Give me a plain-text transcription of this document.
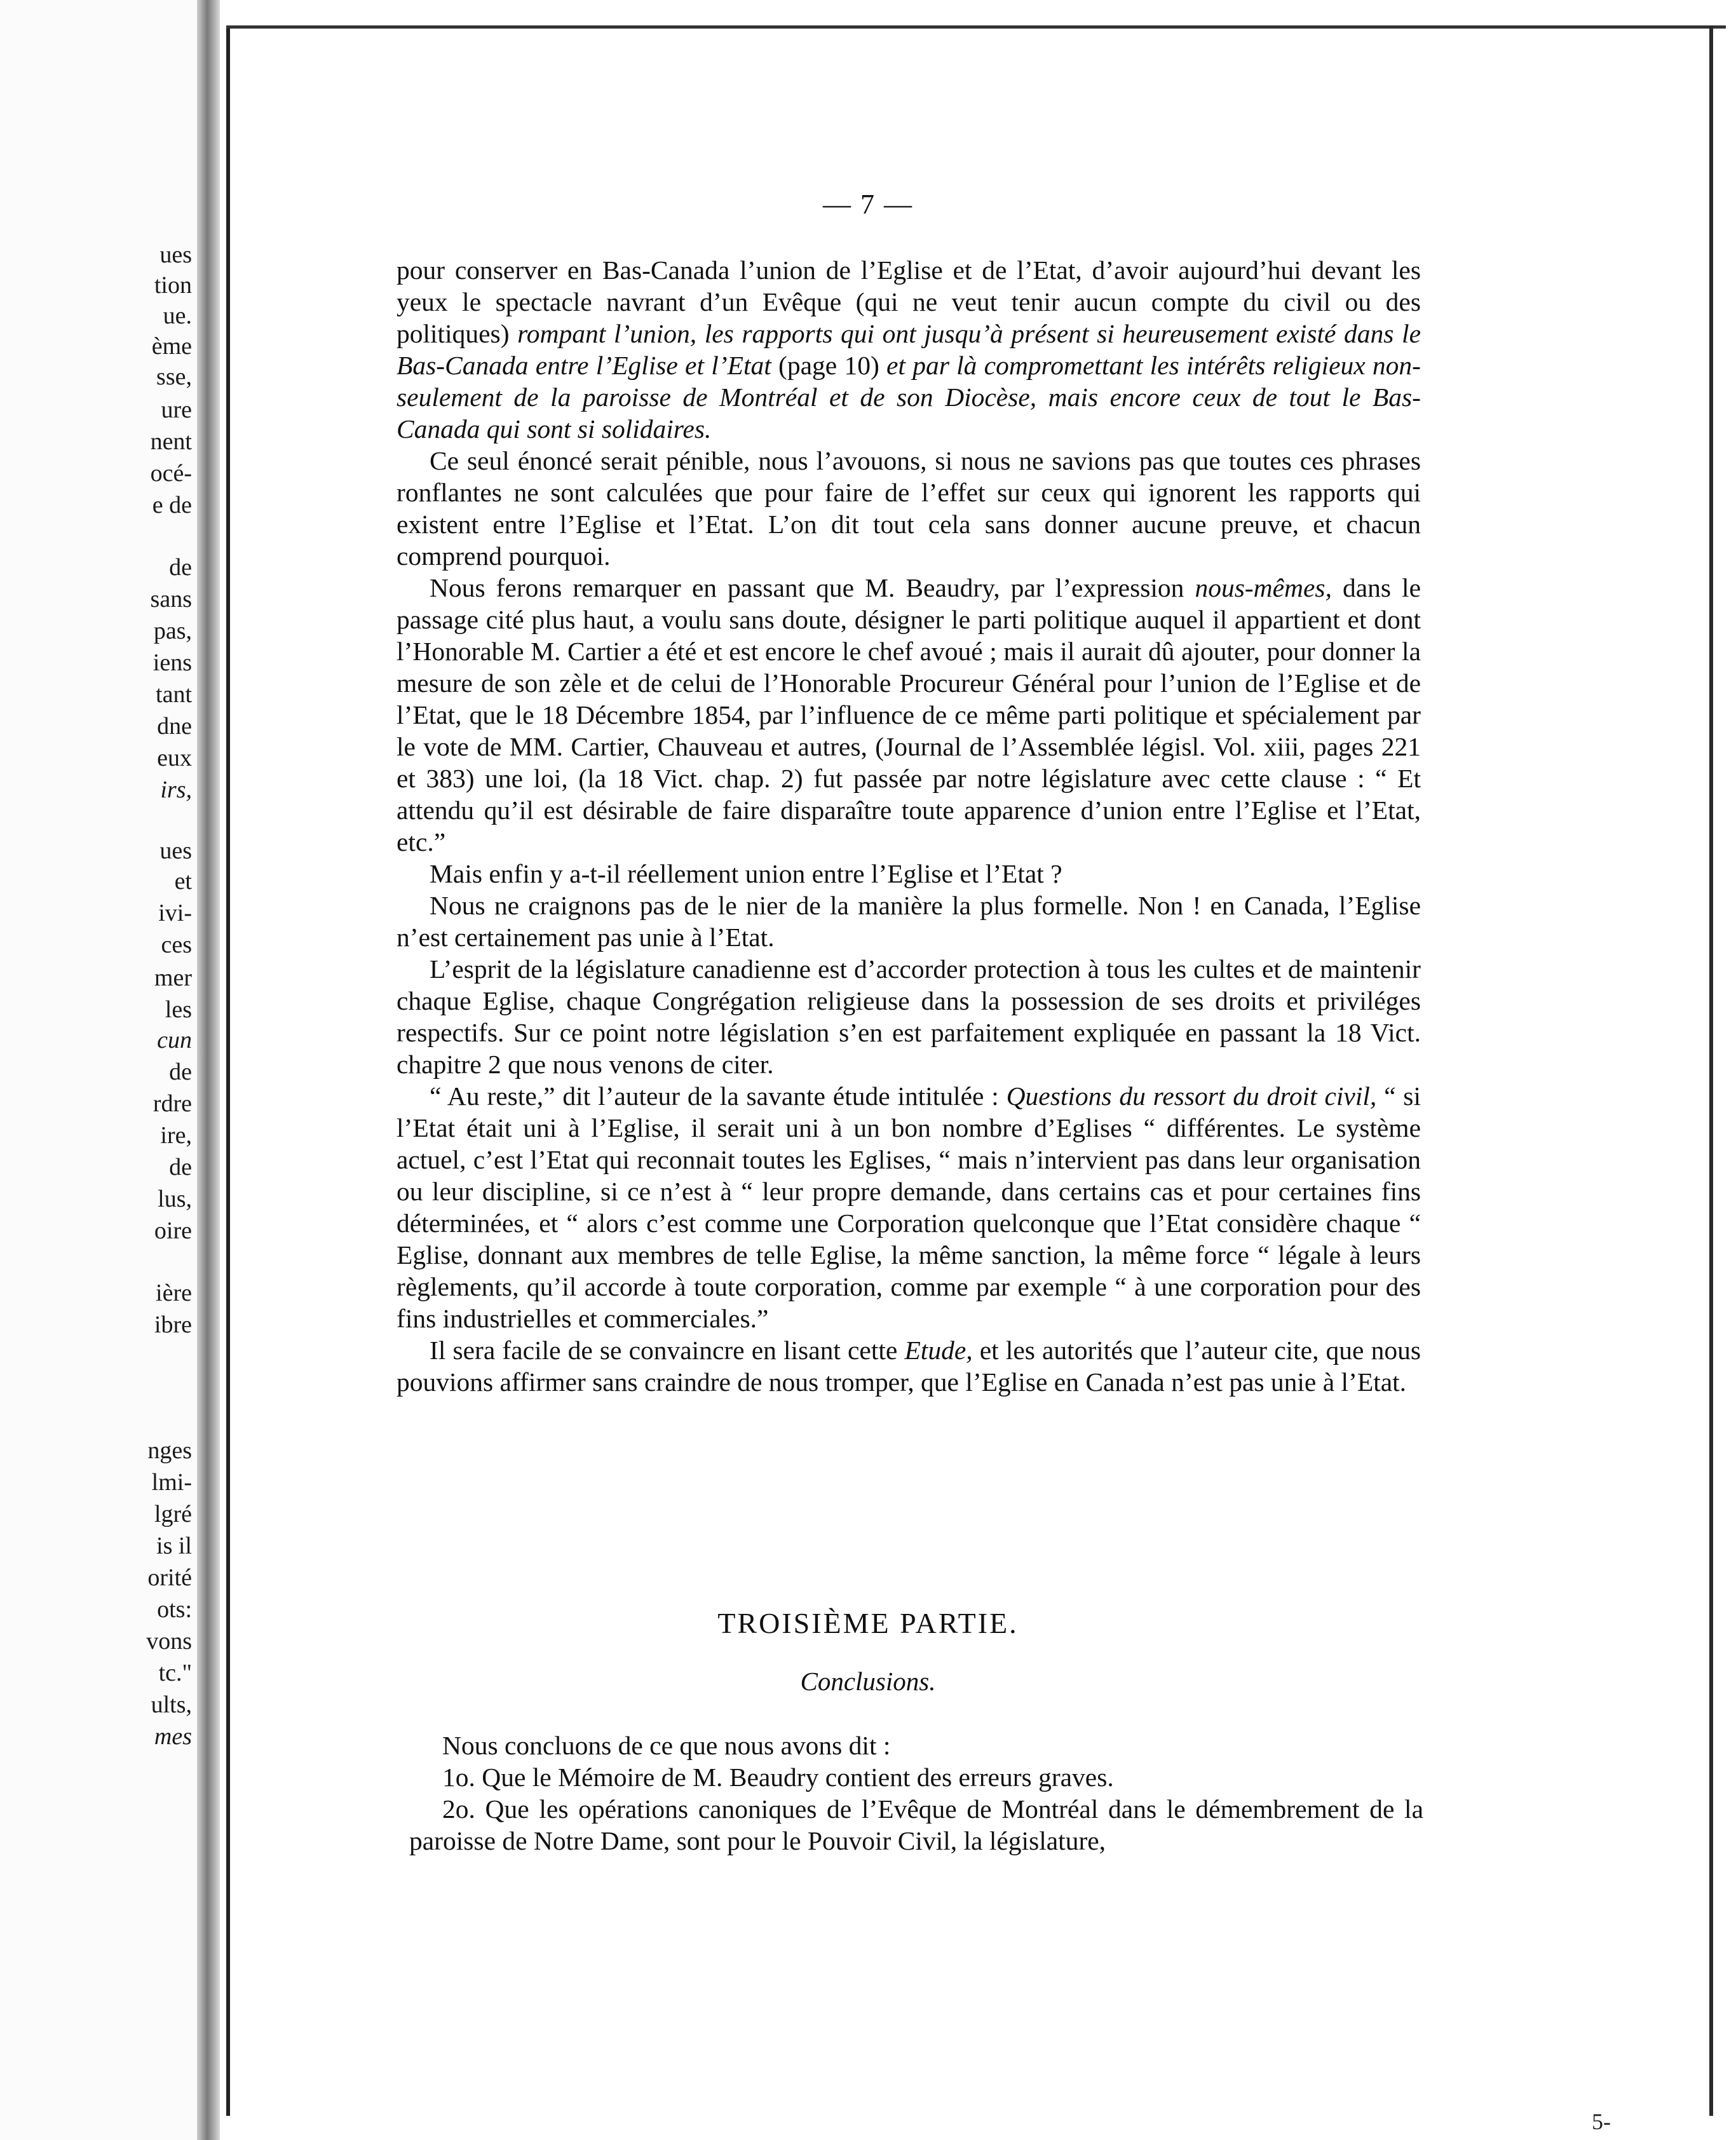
ues
tion
ue.
ème
sse,
ure
nent
océ-
e de
de
sans
pas,
iens
tant
dne
eux
irs,
ues
et
ivi-
ces
mer
les
cun
de
rdre
ire,
de
lus,
oire
ière
ibre
nges
lmi-
lgré
is il
orité
ots:
vons
tc."
ults,
mes
— 7 —

pour conserver en Bas-Canada l’union de l’Eglise et de l’Etat, d’avoir aujourd’hui devant les yeux le spectacle navrant d’un Evêque (qui ne veut tenir aucun compte du civil ou des politiques) rompant l’union, les rapports qui ont jusqu’à présent si heureusement existé dans le Bas-Canada entre l’Eglise et l’Etat (page 10) et par là compromettant les intérêts religieux non-seulement de la paroisse de Montréal et de son Diocèse, mais encore ceux de tout le Bas-Canada qui sont si solidaires.

Ce seul énoncé serait pénible, nous l’avouons, si nous ne savions pas que toutes ces phrases ronflantes ne sont calculées que pour faire de l’effet sur ceux qui ignorent les rapports qui existent entre l’Eglise et l’Etat. L’on dit tout cela sans donner aucune preuve, et chacun comprend pourquoi.

Nous ferons remarquer en passant que M. Beaudry, par l’expression nous-mêmes, dans le passage cité plus haut, a voulu sans doute, désigner le parti politique auquel il appartient et dont l’Honorable M. Cartier a été et est encore le chef avoué ; mais il aurait dû ajouter, pour donner la mesure de son zèle et de celui de l’Honorable Procureur Général pour l’union de l’Eglise et de l’Etat, que le 18 Décembre 1854, par l’influence de ce même parti politique et spécialement par le vote de MM. Cartier, Chauveau et autres, (Journal de l’Assemblée législ. Vol. xiii, pages 221 et 383) une loi, (la 18 Vict. chap. 2) fut passée par notre législature avec cette clause : “ Et attendu qu’il est désirable de faire disparaître toute apparence d’union entre l’Eglise et l’Etat, etc.”

Mais enfin y a-t-il réellement union entre l’Eglise et l’Etat ?

Nous ne craignons pas de le nier de la manière la plus formelle. Non ! en Canada, l’Eglise n’est certainement pas unie à l’Etat.

L’esprit de la législature canadienne est d’accorder protection à tous les cultes et de maintenir chaque Eglise, chaque Congrégation religieuse dans la possession de ses droits et priviléges respectifs. Sur ce point notre législation s’en est parfaitement expliquée en passant la 18 Vict. chapitre 2 que nous venons de citer.

“ Au reste,” dit l’auteur de la savante étude intitulée : Questions du ressort du droit civil, “ si l’Etat était uni à l’Eglise, il serait uni à un bon nombre d’Eglises “ différentes. Le système actuel, c’est l’Etat qui reconnait toutes les Eglises, “ mais n’intervient pas dans leur organisation ou leur discipline, si ce n’est à “ leur propre demande, dans certains cas et pour certaines fins déterminées, et “ alors c’est comme une Corporation quelconque que l’Etat considère chaque “ Eglise, donnant aux membres de telle Eglise, la même sanction, la même force “ légale à leurs règlements, qu’il accorde à toute corporation, comme par exemple “ à une corporation pour des fins industrielles et commerciales.”

Il sera facile de se convaincre en lisant cette Etude, et les autorités que l’auteur cite, que nous pouvions affirmer sans craindre de nous tromper, que l’Eglise en Canada n’est pas unie à l’Etat.

TROISIÈME PARTIE.
Conclusions.

Nous concluons de ce que nous avons dit :

1o. Que le Mémoire de M. Beaudry contient des erreurs graves.

2o. Que les opérations canoniques de l’Evêque de Montréal dans le démembrement de la paroisse de Notre Dame, sont pour le Pouvoir Civil, la législature,

5‑
